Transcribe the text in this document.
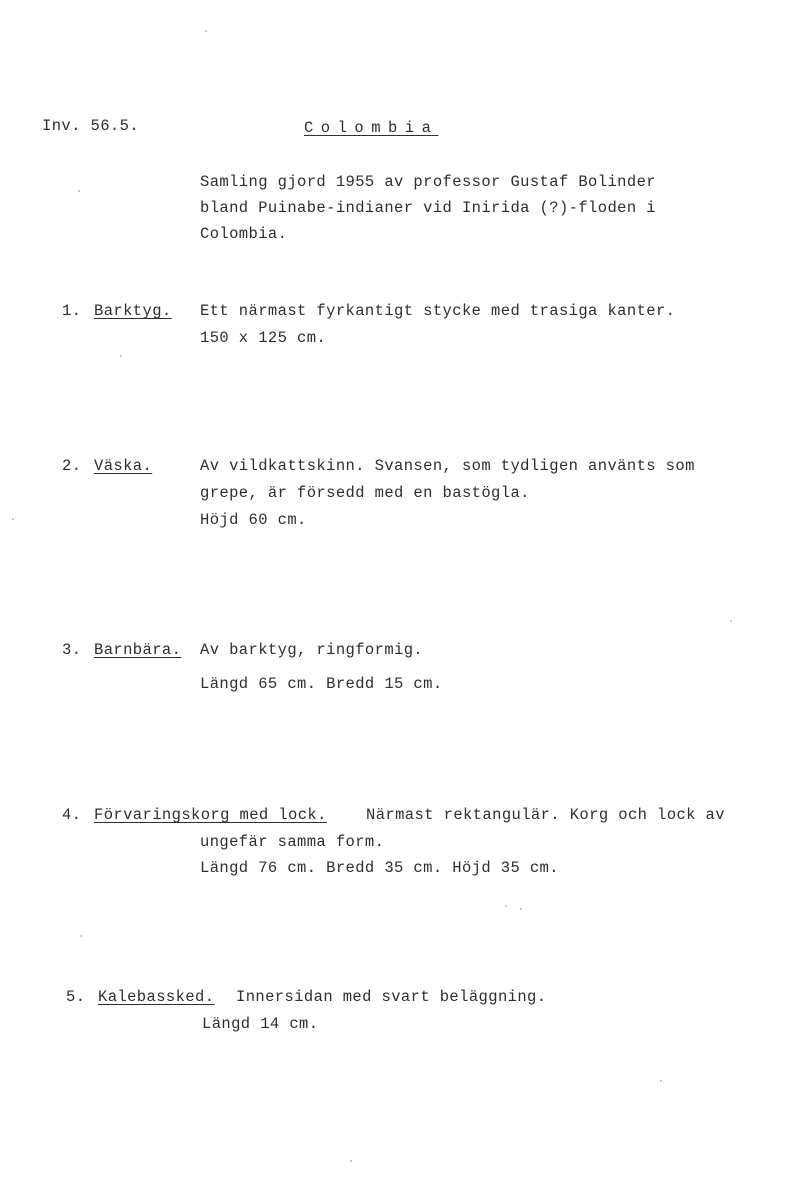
Inv. 56.5.	Colombia
Samling gjord 1955 av professor Gustaf Bolinder
bland Puinabe-indianer vid Inirida (?)-floden i
Colombia.
1. Barktyg. Ett närmast fyrkantigt stycke med trasiga kanter.
150 x 125 cm.
2. Väska.	Av vildkattskinn. Svansen, som tydligen använts som
grepe, är försedd med en bastögla.
Höjd 60 cm.
3. Barnbära. Av barktyg, ringformig.
Längd 65 cm. Bredd 15 cm.
4. Förvaringskorg med lock.	Närmast rektangulär. Korg och lock av
ungefär samma form.
Längd 76 cm. Bredd 35 cm. Höjd 35 cm.
5. Kalebassked. Innersidan med svart beläggning.
Längd 14 cm.
